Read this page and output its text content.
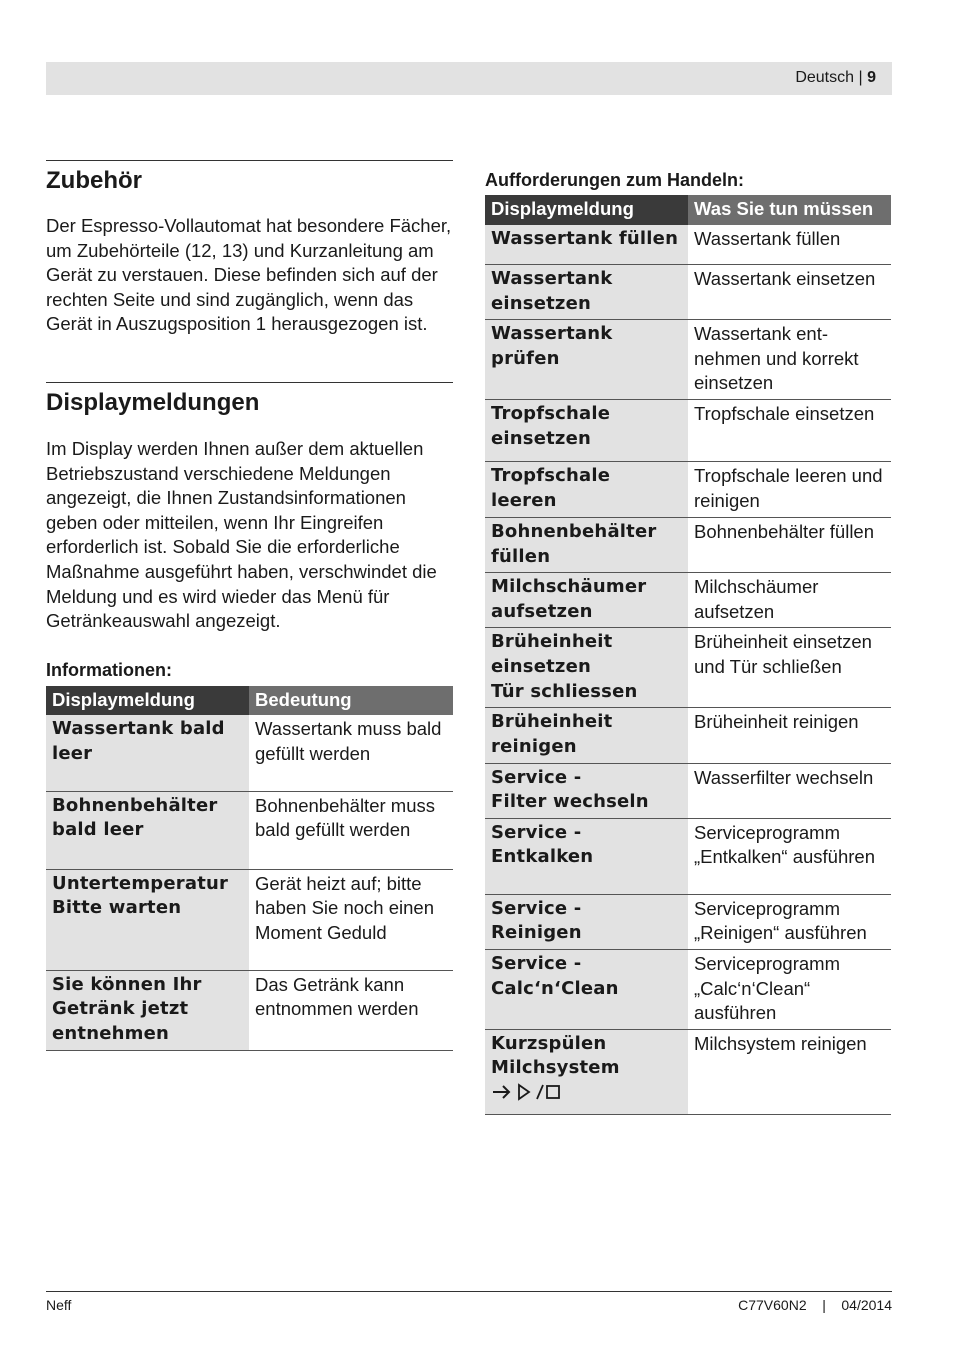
Deutsch | 9
Zubehör

Der Espresso-Vollautomat hat besondere Fächer, um Zubehörteile (12, 13) und Kurzanleitung am Gerät zu verstauen. Diese befinden sich auf der rechten Seite und sind zugänglich, wenn das Gerät in Auszugsposition 1 herausgezogen ist.

Displaymeldungen

Im Display werden Ihnen außer dem aktuellen Betriebszustand verschiedene Meldungen angezeigt, die Ihnen Zustandsinformationen geben oder mitteilen, wenn Ihr Eingreifen erforderlich ist. Sobald Sie die erforderliche Maßnahme ausgeführt haben, verschwindet die Meldung und es wird wieder das Menü für Getränkeauswahl angezeigt.

Informationen:

Displaymeldung	Bedeutung
Wassertank bald leer	Wassertank muss bald gefüllt werden
Bohnenbehälter bald leer	Bohnenbehälter muss bald gefüllt werden
Untertemperatur Bitte warten	Gerät heizt auf; bitte haben Sie noch einen Moment Geduld
Sie können Ihr Getränk jetzt entnehmen	Das Getränk kann entnommen werden

Aufforderungen zum Handeln:

Displaymeldung	Was Sie tun müssen
Wassertank füllen	Wassertank füllen
Wassertank einsetzen	Wassertank einsetzen
Wassertank prüfen	Wassertank entnehmen und korrekt einsetzen
Tropfschale einsetzen	Tropfschale einsetzen
Tropfschale leeren	Tropfschale leeren und reinigen
Bohnenbehälter füllen	Bohnenbehälter füllen
Milchschäumer aufsetzen	Milchschäumer aufsetzen
Brüheinheit einsetzen
Tür schliessen	Brüheinheit einsetzen und Tür schließen
Brüheinheit reinigen	Brüheinheit reinigen
Service -
Filter wechseln	Wasserfilter wechseln
Service -
Entkalken	Serviceprogramm „Entkalken“ ausführen
Service -
Reinigen	Serviceprogramm „Reinigen“ ausführen
Service -
Calc‘n‘Clean	Serviceprogramm „Calc‘n‘Clean“ ausführen
Kurzspülen
Milchsystem	Milchsystem reinigen
Neff	C77V60N2 | 04/2014
